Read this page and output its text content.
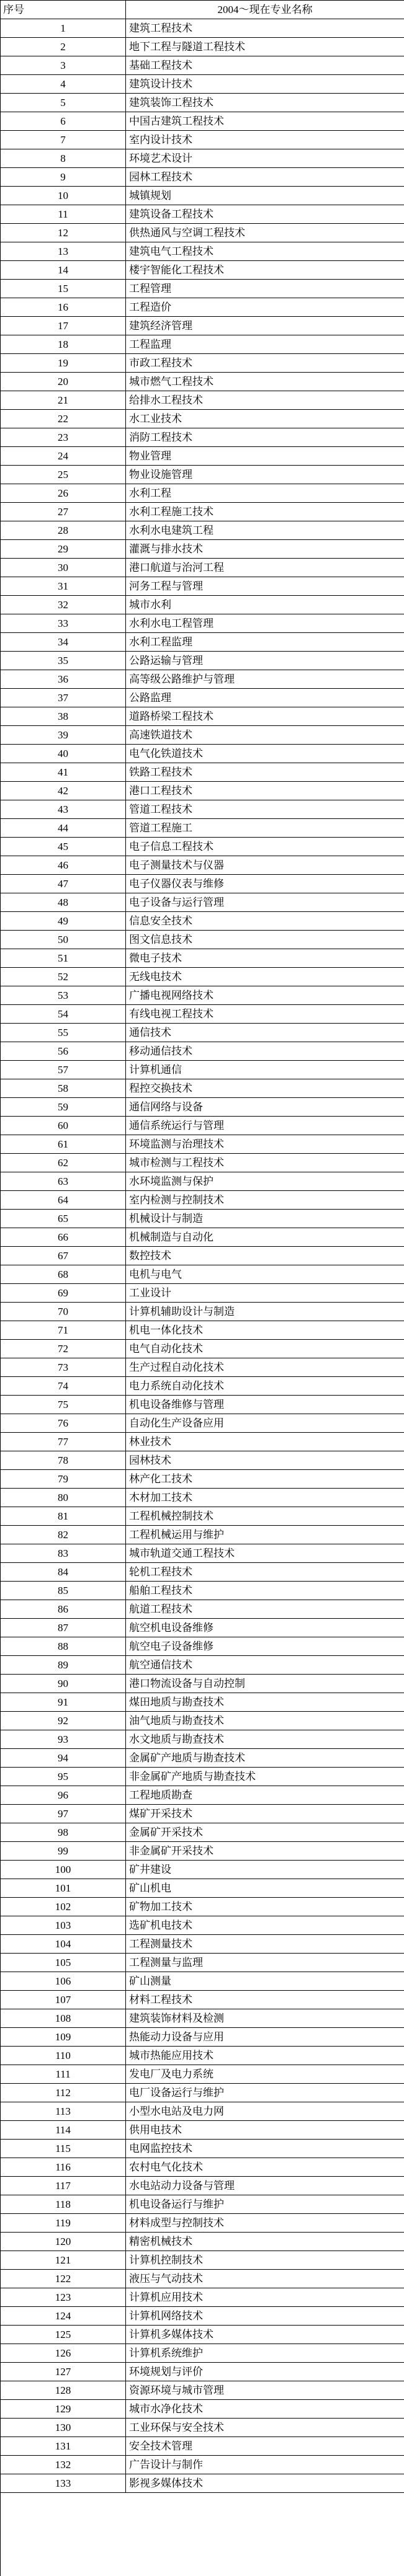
序号	2004～现在专业名称
1	建筑工程技术
2	地下工程与隧道工程技术
3	基础工程技术
4	建筑设计技术
5	建筑装饰工程技术
6	中国古建筑工程技术
7	室内设计技术
8	环境艺术设计
9	园林工程技术
10	城镇规划
11	建筑设备工程技术
12	供热通风与空调工程技术
13	建筑电气工程技术
14	楼宇智能化工程技术
15	工程管理
16	工程造价
17	建筑经济管理
18	工程监理
19	市政工程技术
20	城市燃气工程技术
21	给排水工程技术
22	水工业技术
23	消防工程技术
24	物业管理
25	物业设施管理
26	水利工程
27	水利工程施工技术
28	水利水电建筑工程
29	灌溉与排水技术
30	港口航道与治河工程
31	河务工程与管理
32	城市水利
33	水利水电工程管理
34	水利工程监理
35	公路运输与管理
36	高等级公路维护与管理
37	公路监理
38	道路桥梁工程技术
39	高速铁道技术
40	电气化铁道技术
41	铁路工程技术
42	港口工程技术
43	管道工程技术
44	管道工程施工
45	电子信息工程技术
46	电子测量技术与仪器
47	电子仪器仪表与维修
48	电子设备与运行管理
49	信息安全技术
50	图文信息技术
51	微电子技术
52	无线电技术
53	广播电视网络技术
54	有线电视工程技术
55	通信技术
56	移动通信技术
57	计算机通信
58	程控交换技术
59	通信网络与设备
60	通信系统运行与管理
61	环境监测与治理技术
62	城市检测与工程技术
63	水环境监测与保护
64	室内检测与控制技术
65	机械设计与制造
66	机械制造与自动化
67	数控技术
68	电机与电气
69	工业设计
70	计算机辅助设计与制造
71	机电一体化技术
72	电气自动化技术
73	生产过程自动化技术
74	电力系统自动化技术
75	机电设备维修与管理
76	自动化生产设备应用
77	林业技术
78	园林技术
79	林产化工技术
80	木材加工技术
81	工程机械控制技术
82	工程机械运用与维护
83	城市轨道交通工程技术
84	轮机工程技术
85	船舶工程技术
86	航道工程技术
87	航空机电设备维修
88	航空电子设备维修
89	航空通信技术
90	港口物流设备与自动控制
91	煤田地质与勘查技术
92	油气地质与勘查技术
93	水文地质与勘查技术
94	金属矿产地质与勘查技术
95	非金属矿产地质与勘查技术
96	工程地质勘查
97	煤矿开采技术
98	金属矿开采技术
99	非金属矿开采技术
100	矿井建设
101	矿山机电
102	矿物加工技术
103	选矿机电技术
104	工程测量技术
105	工程测量与监理
106	矿山测量
107	材料工程技术
108	建筑装饰材料及检测
109	热能动力设备与应用
110	城市热能应用技术
111	发电厂及电力系统
112	电厂设备运行与维护
113	小型水电站及电力网
114	供用电技术
115	电网监控技术
116	农村电气化技术
117	水电站动力设备与管理
118	机电设备运行与维护
119	材料成型与控制技术
120	精密机械技术
121	计算机控制技术
122	液压与气动技术
123	计算机应用技术
124	计算机网络技术
125	计算机多媒体技术
126	计算机系统维护
127	环境规划与评价
128	资源环境与城市管理
129	城市水净化技术
130	工业环保与安全技术
131	安全技术管理
132	广告设计与制作
133	影视多媒体技术
